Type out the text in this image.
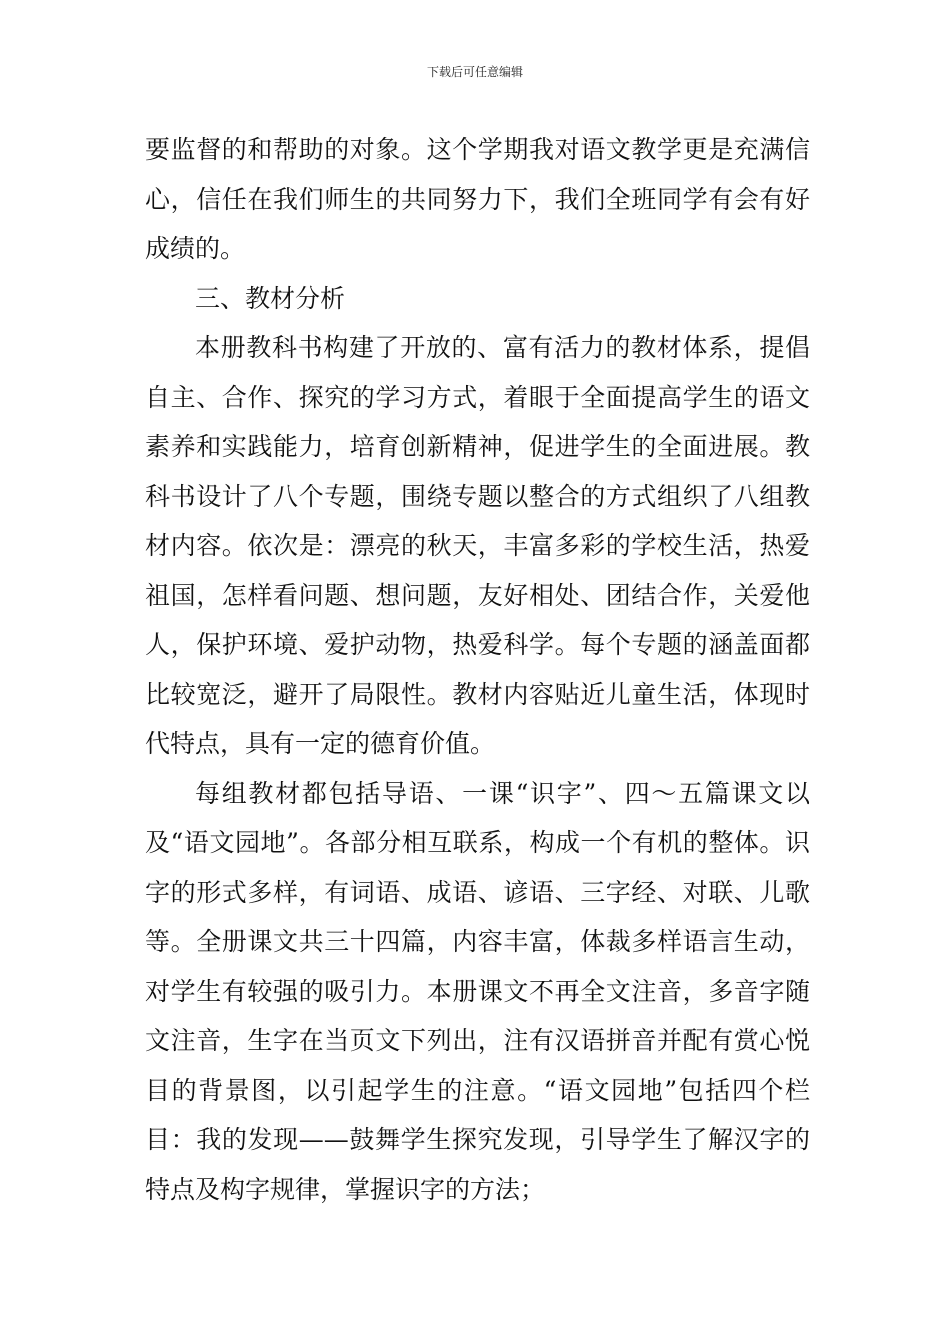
下载后可任意编辑

要监督的和帮助的对象。这个学期我对语文教学更是充满信心，信任在我们师生的共同努力下，我们全班同学有会有好成绩的。

三、教材分析

本册教科书构建了开放的、富有活力的教材体系，提倡自主、合作、探究的学习方式，着眼于全面提高学生的语文素养和实践能力，培育创新精神，促进学生的全面进展。教科书设计了八个专题，围绕专题以整合的方式组织了八组教材内容。依次是：漂亮的秋天，丰富多彩的学校生活，热爱祖国，怎样看问题、想问题，友好相处、团结合作，关爱他人，保护环境、爱护动物，热爱科学。每个专题的涵盖面都比较宽泛，避开了局限性。教材内容贴近儿童生活，体现时代特点，具有一定的德育价值。

每组教材都包括导语、一课“识字”、四～五篇课文以及“语文园地”。各部分相互联系，构成一个有机的整体。识字的形式多样，有词语、成语、谚语、三字经、对联、儿歌等。全册课文共三十四篇，内容丰富，体裁多样语言生动，对学生有较强的吸引力。本册课文不再全文注音，多音字随文注音，生字在当页文下列出，注有汉语拼音并配有赏心悦目的背景图，以引起学生的注意。“语文园地”包括四个栏目：我的发现——鼓舞学生探究发现，引导学生了解汉字的特点及构字规律，掌握识字的方法；
